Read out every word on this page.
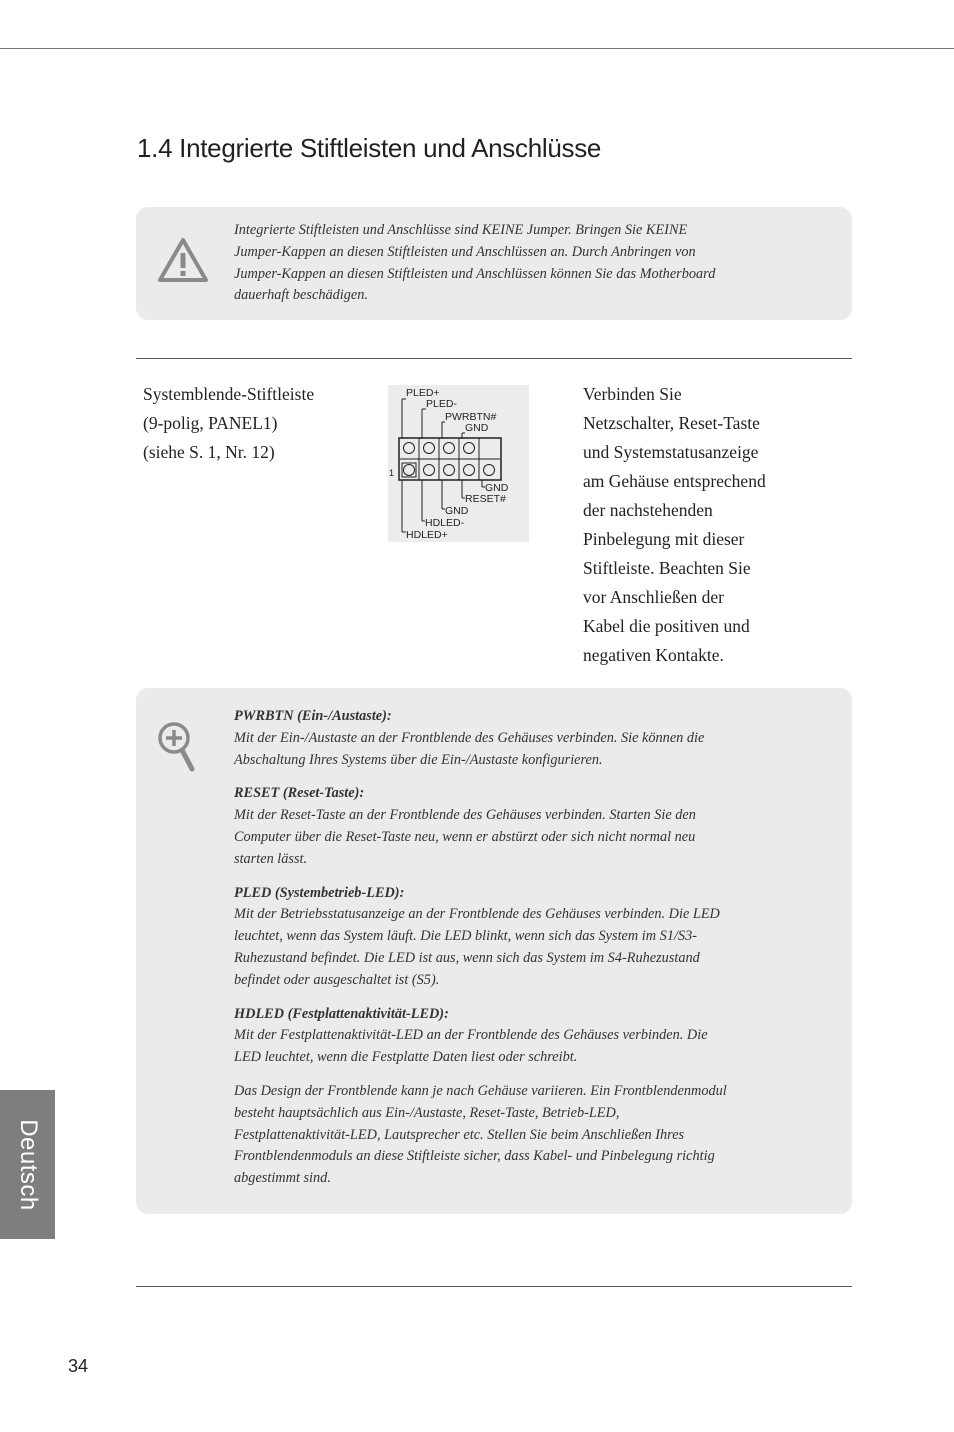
1.4 Integrierte Stiftleisten und Anschlüsse
Integrierte Stiftleisten und Anschlüsse sind KEINE Jumper. Bringen Sie KEINE
Jumper-Kappen an diesen Stiftleisten und Anschlüssen an. Durch Anbringen von
Jumper-Kappen an diesen Stiftleisten und Anschlüssen können Sie das Motherboard
dauerhaft beschädigen.
Systemblende-Stiftleiste
(9-polig, PANEL1)
(siehe S. 1, Nr. 12)
PLED+
PLED-
PWRBTN#
GND
GND
RESET#
GND
HDLED-
HDLED+
1
Verbinden Sie
Netzschalter, Reset-Taste
und Systemstatusanzeige
am Gehäuse entsprechend
der nachstehenden
Pinbelegung mit dieser
Stiftleiste. Beachten Sie
vor Anschließen der
Kabel die positiven und
negativen Kontakte.
PWRBTN (Ein-/Austaste):
Mit der Ein-/Austaste an der Frontblende des Gehäuses verbinden. Sie können die
Abschaltung Ihres Systems über die Ein-/Austaste konfigurieren.
RESET (Reset-Taste):
Mit der Reset-Taste an der Frontblende des Gehäuses verbinden. Starten Sie den
Computer über die Reset-Taste neu, wenn er abstürzt oder sich nicht normal neu
starten lässt.
PLED (Systembetrieb-LED):
Mit der Betriebsstatusanzeige an der Frontblende des Gehäuses verbinden. Die LED
leuchtet, wenn das System läuft. Die LED blinkt, wenn sich das System im S1/S3-
Ruhezustand befindet. Die LED ist aus, wenn sich das System im S4-Ruhezustand
befindet oder ausgeschaltet ist (S5).
HDLED (Festplattenaktivität-LED):
Mit der Festplattenaktivität-LED an der Frontblende des Gehäuses verbinden. Die
LED leuchtet, wenn die Festplatte Daten liest oder schreibt.
Das Design der Frontblende kann je nach Gehäuse variieren. Ein Frontblendenmodul
besteht hauptsächlich aus Ein-/Austaste, Reset-Taste, Betrieb-LED,
Festplattenaktivität-LED, Lautsprecher etc. Stellen Sie beim Anschließen Ihres
Frontblendenmoduls an diese Stiftleiste sicher, dass Kabel- und Pinbelegung richtig
abgestimmt sind.
Deutsch
34
